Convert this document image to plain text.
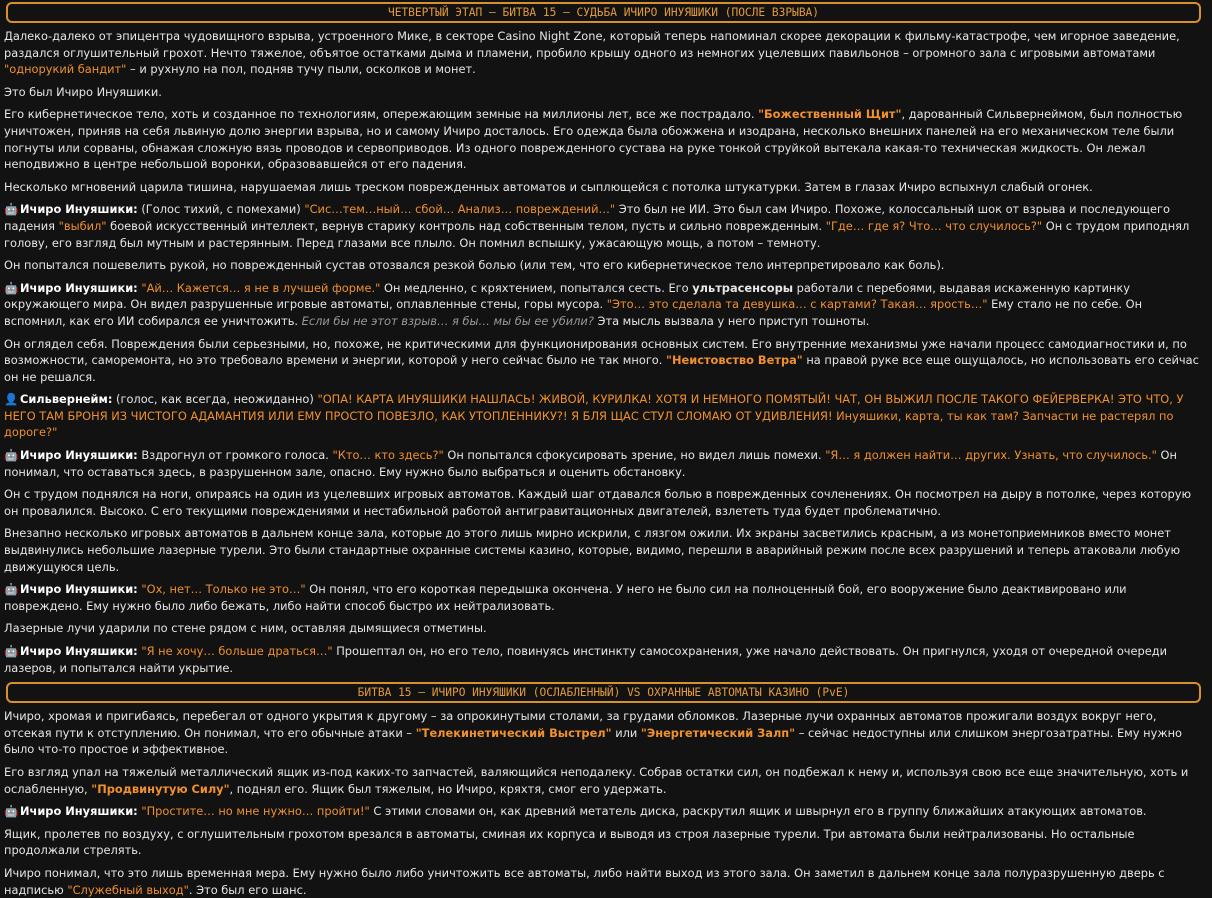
ЧЕТВЕРТЫЙ ЭТАП – БИТВА 15 – СУДЬБА ИЧИРО ИНУЯШИКИ (ПОСЛЕ ВЗРЫВА)

Далеко-далеко от эпицентра чудовищного взрыва, устроенного Мике, в секторе Casino Night Zone, который теперь напоминал скорее декорации к фильму-катастрофе, чем игорное заведение, раздался оглушительный грохот. Нечто тяжелое, объятое остатками дыма и пламени, пробило крышу одного из немногих уцелевших павильонов – огромного зала с игровыми автоматами "однорукий бандит" – и рухнуло на пол, подняв тучу пыли, осколков и монет.

Это был Ичиро Инуяшики.

Его кибернетическое тело, хоть и созданное по технологиям, опережающим земные на миллионы лет, все же пострадало. "Божественный Щит", дарованный Сильвернеймом, был полностью уничтожен, приняв на себя львиную долю энергии взрыва, но и самому Ичиро досталось. Его одежда была обожжена и изодрана, несколько внешних панелей на его механическом теле были погнуты или сорваны, обнажая сложную вязь проводов и сервоприводов. Из одного поврежденного сустава на руке тонкой струйкой вытекала какая-то техническая жидкость. Он лежал неподвижно в центре небольшой воронки, образовавшейся от его падения.

Несколько мгновений царила тишина, нарушаемая лишь треском поврежденных автоматов и сыплющейся с потолка штукатурки. Затем в глазах Ичиро вспыхнул слабый огонек.

🤖 Ичиро Инуяшики: (Голос тихий, с помехами) "Сис…тем…ный… сбой… Анализ… повреждений…" Это был не ИИ. Это был сам Ичиро. Похоже, колоссальный шок от взрыва и последующего падения "выбил" боевой искусственный интеллект, вернув старику контроль над собственным телом, пусть и сильно поврежденным. "Где… где я? Что… что случилось?" Он с трудом приподнял голову, его взгляд был мутным и растерянным. Перед глазами все плыло. Он помнил вспышку, ужасающую мощь, а потом – темноту.

Он попытался пошевелить рукой, но поврежденный сустав отозвался резкой болью (или тем, что его кибернетическое тело интерпретировало как боль).

🤖 Ичиро Инуяшики: "Ай… Кажется… я не в лучшей форме." Он медленно, с кряхтением, попытался сесть. Его ультрасенсоры работали с перебоями, выдавая искаженную картинку окружающего мира. Он видел разрушенные игровые автоматы, оплавленные стены, горы мусора. "Это… это сделала та девушка… с картами? Такая… ярость…" Ему стало не по себе. Он вспомнил, как его ИИ собирался ее уничтожить. Если бы не этот взрыв… я бы… мы бы ее убили? Эта мысль вызвала у него приступ тошноты.

Он оглядел себя. Повреждения были серьезными, но, похоже, не критическими для функционирования основных систем. Его внутренние механизмы уже начали процесс самодиагностики и, по возможности, саморемонта, но это требовало времени и энергии, которой у него сейчас было не так много. "Неистовство Ветра" на правой руке все еще ощущалось, но использовать его сейчас он не решался.

👤 Сильвернейм: (голос, как всегда, неожиданно) "ОПА! КАРТА ИНУЯШИКИ НАШЛАСЬ! ЖИВОЙ, КУРИЛКА! ХОТЯ И НЕМНОГО ПОМЯТЫЙ! ЧАТ, ОН ВЫЖИЛ ПОСЛЕ ТАКОГО ФЕЙЕРВЕРКА! ЭТО ЧТО, У НЕГО ТАМ БРОНЯ ИЗ ЧИСТОГО АДАМАНТИЯ ИЛИ ЕМУ ПРОСТО ПОВЕЗЛО, КАК УТОПЛЕННИКУ?! Я БЛЯ ЩАС СТУЛ СЛОМАЮ ОТ УДИВЛЕНИЯ! Инуяшики, карта, ты как там? Запчасти не растерял по дороге?"

🤖 Ичиро Инуяшики: Вздрогнул от громкого голоса. "Кто… кто здесь?" Он попытался сфокусировать зрение, но видел лишь помехи. "Я… я должен найти… других. Узнать, что случилось." Он понимал, что оставаться здесь, в разрушенном зале, опасно. Ему нужно было выбраться и оценить обстановку.

Он с трудом поднялся на ноги, опираясь на один из уцелевших игровых автоматов. Каждый шаг отдавался болью в поврежденных сочленениях. Он посмотрел на дыру в потолке, через которую он провалился. Высоко. С его текущими повреждениями и нестабильной работой антигравитационных двигателей, взлететь туда будет проблематично.

Внезапно несколько игровых автоматов в дальнем конце зала, которые до этого лишь мирно искрили, с лязгом ожили. Их экраны засветились красным, а из монетоприемников вместо монет выдвинулись небольшие лазерные турели. Это были стандартные охранные системы казино, которые, видимо, перешли в аварийный режим после всех разрушений и теперь атаковали любую движущуюся цель.

🤖 Ичиро Инуяшики: "Ох, нет… Только не это…" Он понял, что его короткая передышка окончена. У него не было сил на полноценный бой, его вооружение было деактивировано или повреждено. Ему нужно было либо бежать, либо найти способ быстро их нейтрализовать.

Лазерные лучи ударили по стене рядом с ним, оставляя дымящиеся отметины.

🤖 Ичиро Инуяшики: "Я не хочу… больше драться…" Прошептал он, но его тело, повинуясь инстинкту самосохранения, уже начало действовать. Он пригнулся, уходя от очередной очереди лазеров, и попытался найти укрытие.

БИТВА 15 – ИЧИРО ИНУЯШИКИ (ОСЛАБЛЕННЫЙ) VS ОХРАННЫЕ АВТОМАТЫ КАЗИНО (PvE)

Ичиро, хромая и пригибаясь, перебегал от одного укрытия к другому – за опрокинутыми столами, за грудами обломков. Лазерные лучи охранных автоматов прожигали воздух вокруг него, отсекая пути к отступлению. Он понимал, что его обычные атаки – "Телекинетический Выстрел" или "Энергетический Залп" – сейчас недоступны или слишком энергозатратны. Ему нужно было что-то простое и эффективное.

Его взгляд упал на тяжелый металлический ящик из-под каких-то запчастей, валяющийся неподалеку. Собрав остатки сил, он подбежал к нему и, используя свою все еще значительную, хоть и ослабленную, "Продвинутую Силу", поднял его. Ящик был тяжелым, но Ичиро, кряхтя, смог его удержать.

🤖 Ичиро Инуяшики: "Простите… но мне нужно… пройти!" С этими словами он, как древний метатель диска, раскрутил ящик и швырнул его в группу ближайших атакующих автоматов.

Ящик, пролетев по воздуху, с оглушительным грохотом врезался в автоматы, сминая их корпуса и выводя из строя лазерные турели. Три автомата были нейтрализованы. Но остальные продолжали стрелять.

Ичиро понимал, что это лишь временная мера. Ему нужно было либо уничтожить все автоматы, либо найти выход из этого зала. Он заметил в дальнем конце зала полуразрушенную дверь с надписью "Служебный выход". Это был его шанс.
